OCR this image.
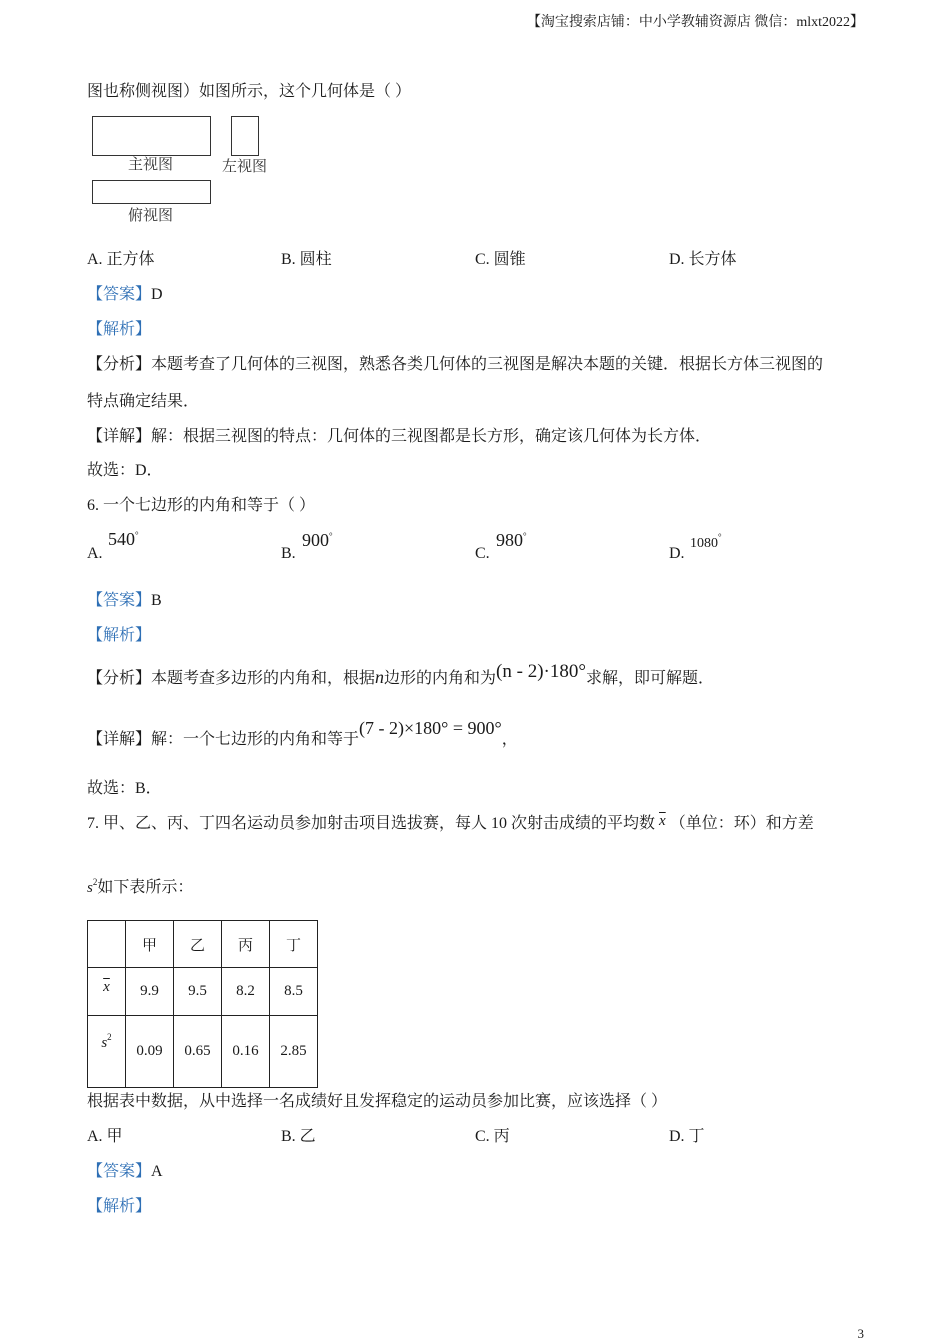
【淘宝搜索店铺：中小学教辅资源店 微信：mlxt2022】
图也称侧视图）如图所示，这个几何体是（ ）
主视图	左视图
俯视图
A. 正方体	B. 圆柱	C. 圆锥	D. 长方体
【答案】D
【解析】
【分析】本题考查了几何体的三视图，熟悉各类几何体的三视图是解决本题的关键．根据长方体三视图的
特点确定结果．
【详解】解：根据三视图的特点：几何体的三视图都是长方形，确定该几何体为长方体．
故选：D．
6. 一个七边形的内角和等于（ ）
A.
540°
B.
900°
C.
980°
D.
1080°
【答案】B
【解析】
【分析】本题考查多边形的内角和，根据n边形的内角和为(n - 2)·180°求解，即可解题．
【详解】解：一个七边形的内角和等于(7 - 2)×180° = 900°，
故选：B．
7. 甲、乙、丙、丁四名运动员参加射击项目选拔赛，每人 10 次射击成绩的平均数 $\overline{x}$ （单位：环）和方差
$s^2$如下表所示：
	甲	乙	丙	丁
$\overline{x}$	9.9	9.5	8.2	8.5
$s^2$	0.09	0.65	0.16	2.85
根据表中数据，从中选择一名成绩好且发挥稳定的运动员参加比赛，应该选择（ ）
A. 甲	B. 乙	C. 丙	D. 丁
【答案】A
【解析】
3
